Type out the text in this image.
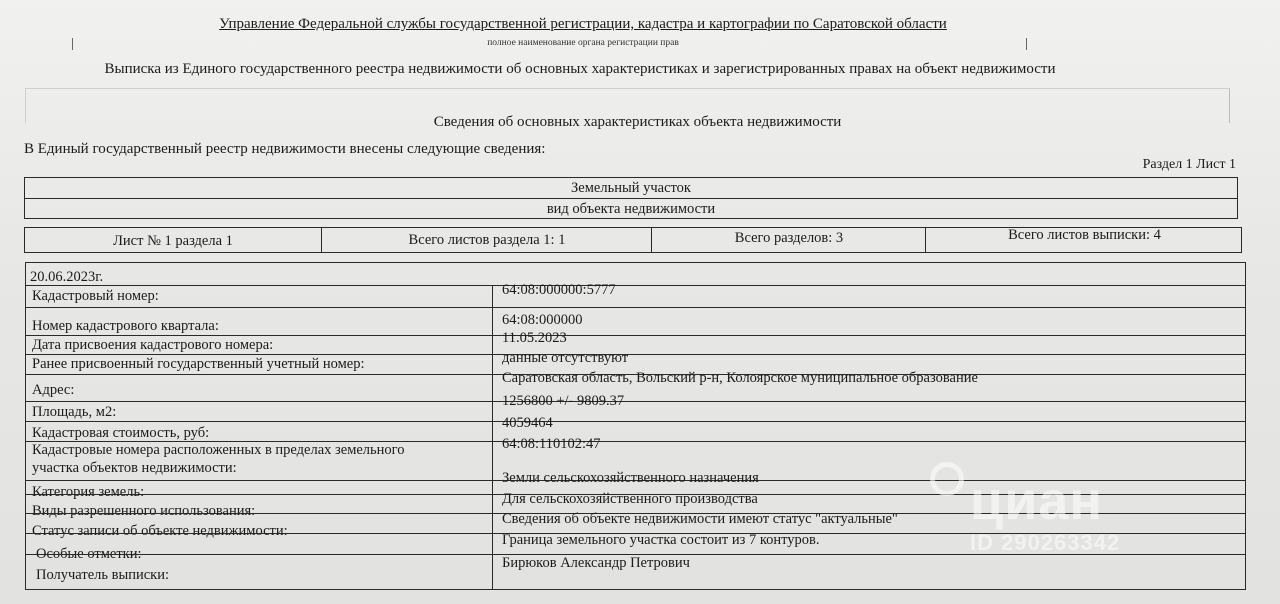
Управление Федеральной службы государственной регистрации, кадастра и картографии по Саратовской области
полное наименование органа регистрации прав
Выписка из Единого государственного реестра недвижимости об основных характеристиках и зарегистрированных правах на объект недвижимости
Сведения об основных характеристиках объекта недвижимости
В Единый государственный реестр недвижимости внесены следующие сведения:
Раздел 1 Лист 1
Земельный участок
вид объекта недвижимости
Лист № 1 раздела 1	Всего листов раздела 1: 1	Всего разделов: 3	Всего листов выписки: 4
20.06.2023г.
Кадастровый номер:	64:08:000000:5777
Номер кадастрового квартала:	64:08:000000
Дата присвоения кадастрового номера:	11.05.2023
Ранее присвоенный государственный учетный номер:	данные отсутствуют
Адрес:
Саратовская область, Вольский р-н, Колоярское муниципальное образование
Площадь, м2:
1256800 +/- 9809.37
Кадастровая стоимость, руб:
4059464
Кадастровые номера расположенных в пределах земельного
участка объектов недвижимости:
64:08:110102:47
Категория земель:
Земли сельскохозяйственного назначения
Виды разрешенного использования:
Для сельскохозяйственного производства
Статус записи об объекте недвижимости:
Сведения об объекте недвижимости имеют статус "актуальные"
Особые отметки:
Граница земельного участка состоит из 7 контуров.
Получатель выписки:
Бирюков Александр Петрович
циан
ID 290263342
